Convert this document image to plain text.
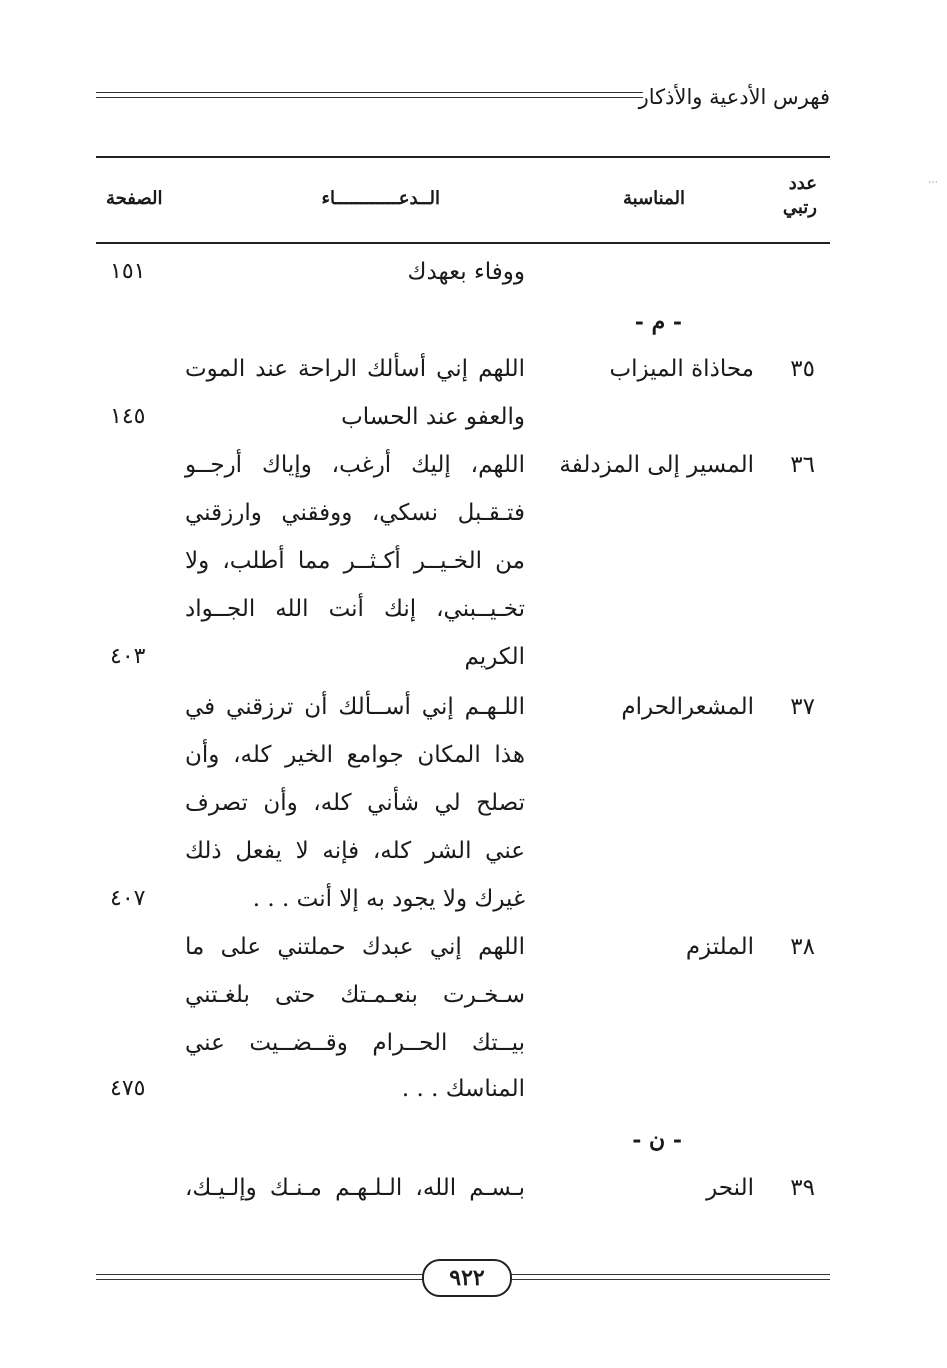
فهرس الأدعية والأذكار
عدد
رتبي
المناسبة
الــدعــــــــــــاء
الصفحة
ووفاء بعهدك
١٥١
- م -
٣٥
محاذاة الميزاب
اللهم إني أسألك الراحة عند الموت
والعفو عند الحساب
١٤٥
٣٦
المسير إلى المزدلفة
اللهم، إليك أرغب، وإياك أرجــو
فتـقـبل نسكي، ووفقني وارزقني
من الخـيــر أكـثــر مما أطلب، ولا
تخـيــبني، إنك أنت الله الجــواد
الكريم
٤٠٣
٣٧
المشعرالحرام
اللـهـم إني أســألك أن ترزقني في
هذا المكان جوامع الخير كله، وأن
تصلح لي شأني كله، وأن تصرف
عني الشر كله، فإنه لا يفعل ذلك
غيرك ولا يجود به إلا أنت . . .
٤٠٧
٣٨
الملتزم
اللهم إني عبدك حملتني على ما
سـخـرت بنعـمـتك حتى بلغـتني
بيــتك الحــرام وقــضــيت عني
المناسك . . .
٤٧٥
- ن -
٣٩
النحر
بـسـم الله، الـلـهـم مـنـك وإلـيـك،
٩٢٢
⋯
